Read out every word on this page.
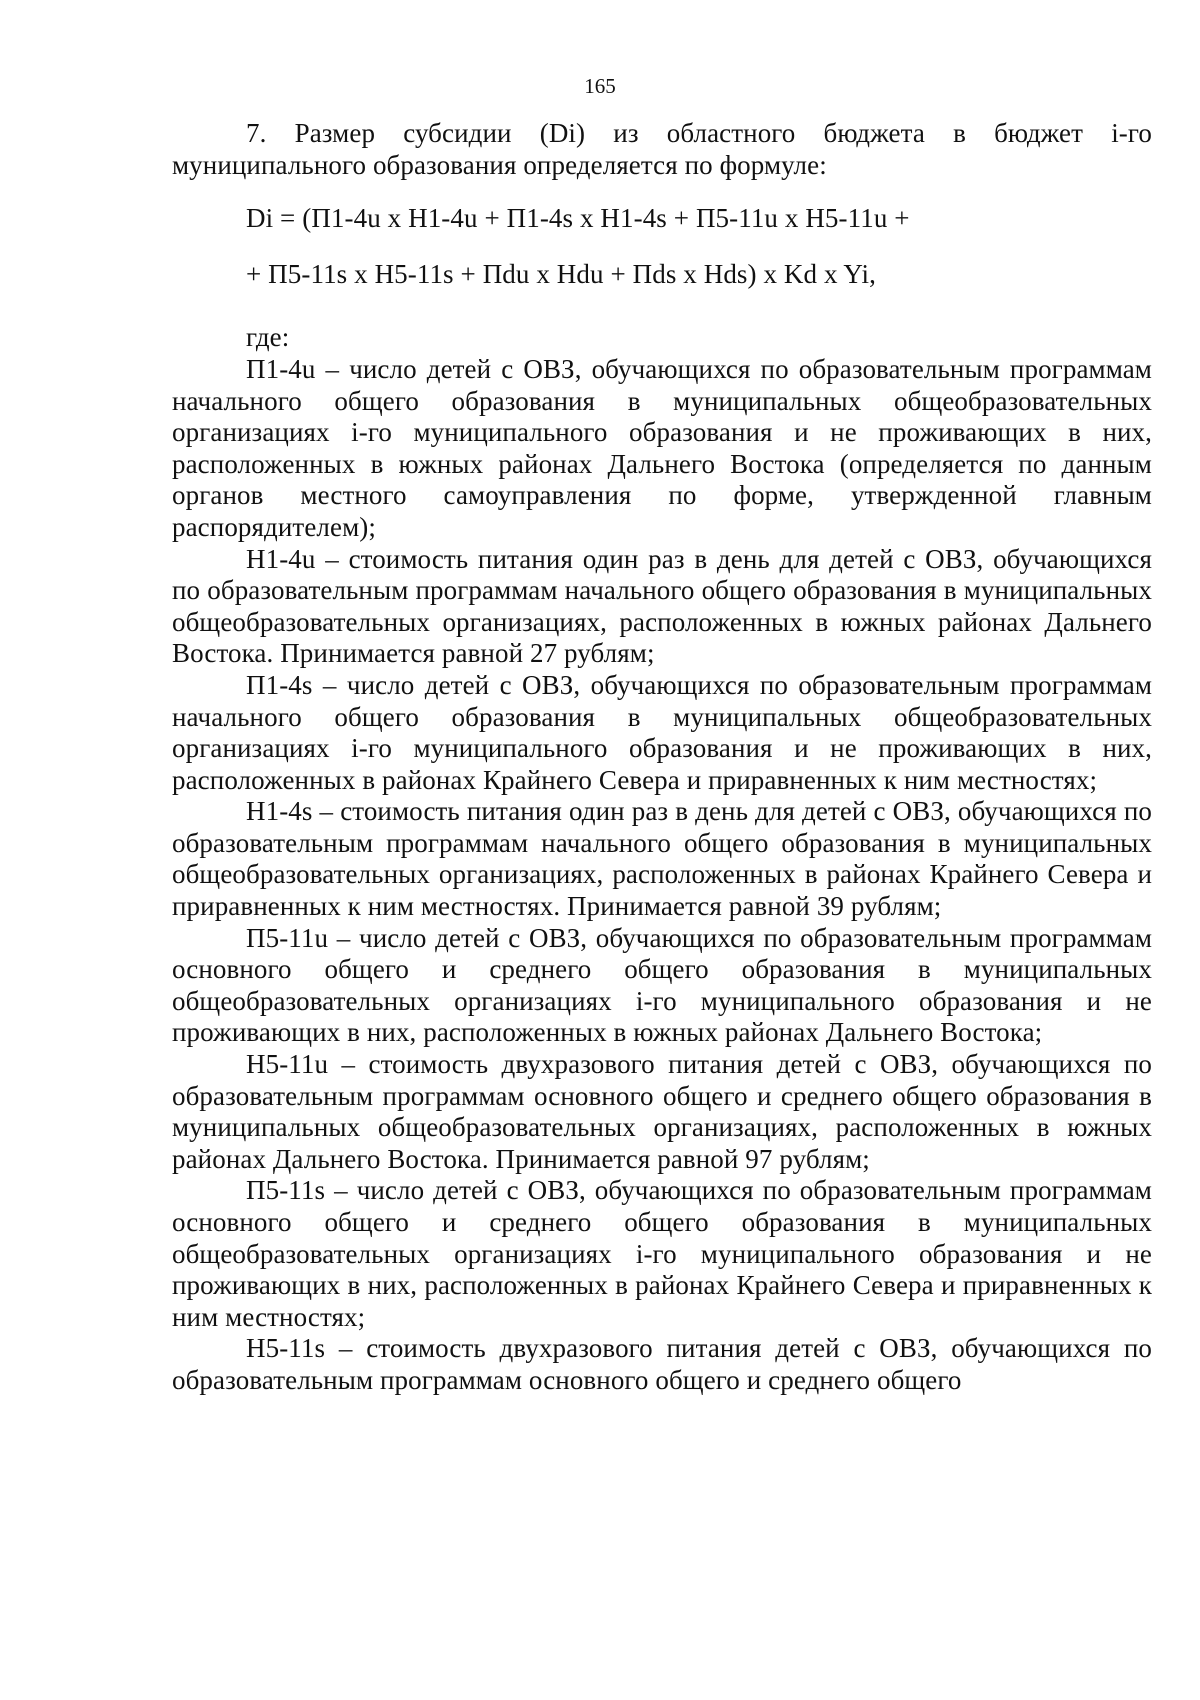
165

7. Размер субсидии (Di) из областного бюджета в бюджет i-го муниципального образования определяется по формуле:

Di = (П1-4u x H1-4u + П1-4s x H1-4s + П5-11u x H5-11u +
+ П5-11s x H5-11s + Пdu x Hdu + Пds x Hds) x Kd x Yi,
где:

П1-4u – число детей с ОВЗ, обучающихся по образовательным программам начального общего образования в муниципальных общеобразовательных организациях i-го муниципального образования и не проживающих в них, расположенных в южных районах Дальнего Востока (определяется по данным органов местного самоуправления по форме, утвержденной главным распорядителем);

H1-4u – стоимость питания один раз в день для детей с ОВЗ, обучающихся по образовательным программам начального общего образования в муниципальных общеобразовательных организациях, расположенных в южных районах Дальнего Востока. Принимается равной 27 рублям;

П1-4s – число детей с ОВЗ, обучающихся по образовательным программам начального общего образования в муниципальных общеобразовательных организациях i-го муниципального образования и не проживающих в них, расположенных в районах Крайнего Севера и приравненных к ним местностях;

H1-4s – стоимость питания один раз в день для детей с ОВЗ, обучающихся по образовательным программам начального общего образования в муниципальных общеобразовательных организациях, расположенных в районах Крайнего Севера и приравненных к ним местностях. Принимается равной 39 рублям;

П5-11u – число детей с ОВЗ, обучающихся по образовательным программам основного общего и среднего общего образования в муниципальных общеобразовательных организациях i-го муниципального образования и не проживающих в них, расположенных в южных районах Дальнего Востока;

H5-11u – стоимость двухразового питания детей с ОВЗ, обучающихся по образовательным программам основного общего и среднего общего образования в муниципальных общеобразовательных организациях, расположенных в южных районах Дальнего Востока. Принимается равной 97 рублям;

П5-11s – число детей с ОВЗ, обучающихся по образовательным программам основного общего и среднего общего образования в муниципальных общеобразовательных организациях i-го муниципального образования и не проживающих в них, расположенных в районах Крайнего Севера и приравненных к ним местностях;

H5-11s – стоимость двухразового питания детей с ОВЗ, обучающихся по образовательным программам основного общего и среднего общего
